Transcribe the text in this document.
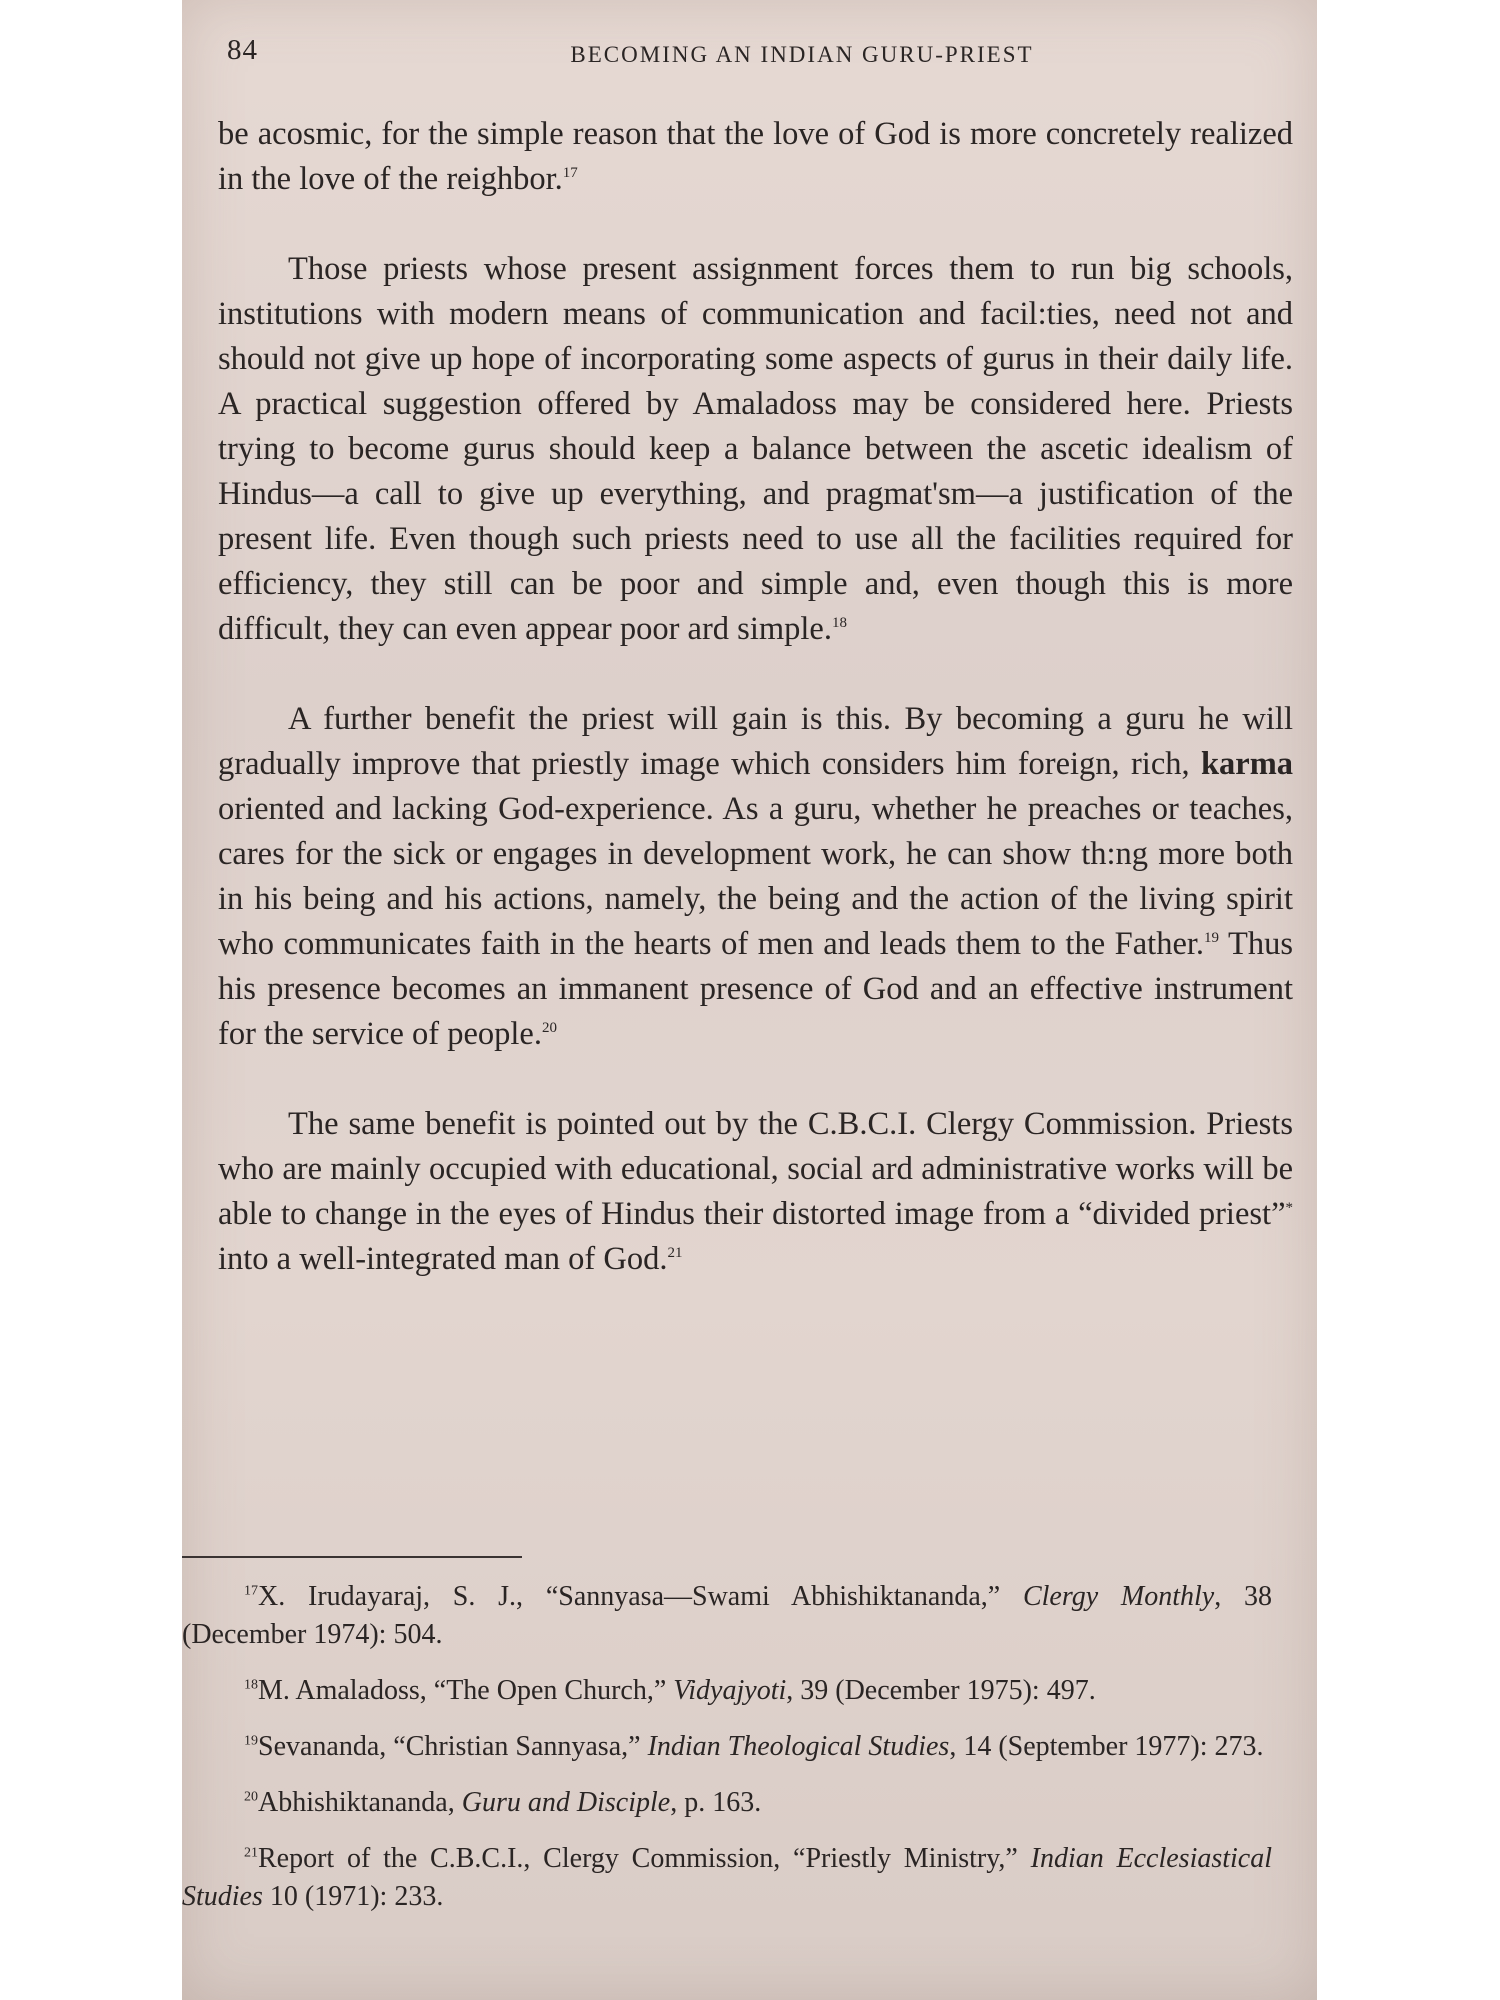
84	BECOMING AN INDIAN GURU-PRIEST

be acosmic, for the simple reason that the love of God is more concretely realized in the love of the reighbor.$^{17}$

Those priests whose present assignment forces them to run big schools, institutions with modern means of communication and facil:ties, need not and should not give up hope of incorporating some aspects of gurus in their daily life. A practical suggestion offered by Amaladoss may be considered here. Priests trying to become gurus should keep a balance between the ascetic idealism of Hindus—a call to give up everything, and pragmat'sm—a justification of the present life. Even though such priests need to use all the facilities required for efficiency, they still can be poor and simple and, even though this is more difficult, they can even appear poor ard simple.$^{18}$

A further benefit the priest will gain is this. By becoming a guru he will gradually improve that priestly image which considers him foreign, rich, karma oriented and lacking God-experience. As a guru, whether he preaches or teaches, cares for the sick or engages in development work, he can show th:ng more both in his being and his actions, namely, the being and the action of the living spirit who communicates faith in the hearts of men and leads them to the Father.$^{19}$ Thus his presence becomes an immanent presence of God and an effective instrument for the service of people.$^{20}$

The same benefit is pointed out by the C.B.C.I. Clergy Commission. Priests who are mainly occupied with educational, social ard administrative works will be able to change in the eyes of Hindus their distorted image from a “divided priest”* into a well-integrated man of God.$^{21}$

$^{17}$X. Irudayaraj, S. J., “Sannyasa—Swami Abhishiktananda,” Clergy Monthly, 38 (December 1974): 504.

$^{18}$M. Amaladoss, “The Open Church,” Vidyajyoti, 39 (December 1975): 497.

$^{19}$Sevananda, “Christian Sannyasa,” Indian Theological Studies, 14 (September 1977): 273.

$^{20}$Abhishiktananda, Guru and Disciple, p. 163.

$^{21}$Report of the C.B.C.I., Clergy Commission, “Priestly Ministry,” Indian Ecclesiastical Studies 10 (1971): 233.
